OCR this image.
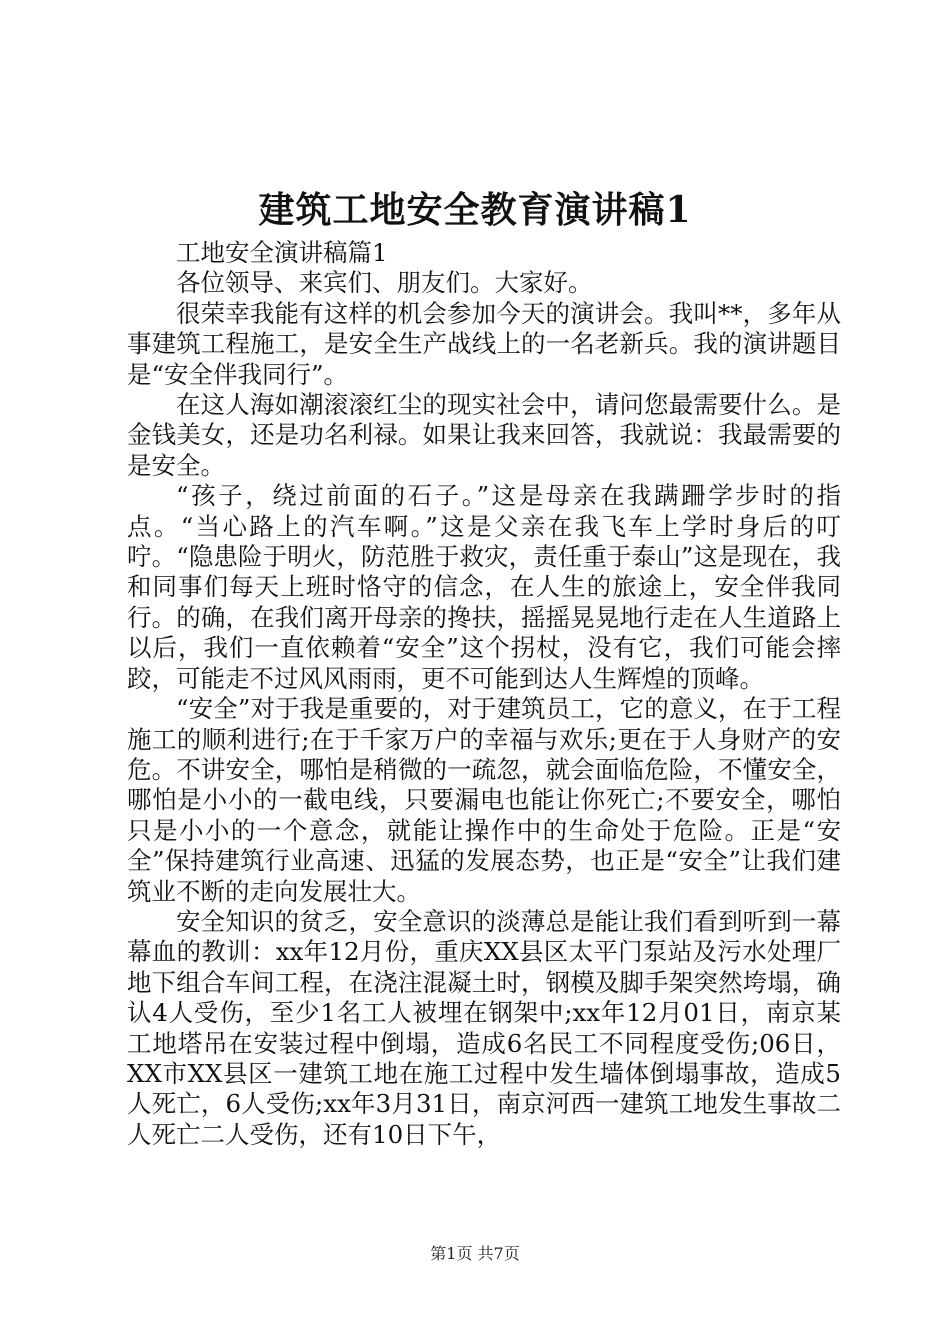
建筑工地安全教育演讲稿1

工地安全演讲稿篇1

各位领导、来宾们、朋友们。大家好。

很荣幸我能有这样的机会参加今天的演讲会。我叫**，多年从事建筑工程施工，是安全生产战线上的一名老新兵。我的演讲题目是“安全伴我同行”。

在这人海如潮滚滚红尘的现实社会中，请问您最需要什么。是金钱美女，还是功名利禄。如果让我来回答，我就说：我最需要的是安全。

“孩子，绕过前面的石子。”这是母亲在我蹒跚学步时的指点。“当心路上的汽车啊。”这是父亲在我飞车上学时身后的叮咛。“隐患险于明火，防范胜于救灾，责任重于泰山”这是现在，我和同事们每天上班时恪守的信念，在人生的旅途上，安全伴我同行。的确，在我们离开母亲的搀扶，摇摇晃晃地行走在人生道路上以后，我们一直依赖着“安全”这个拐杖，没有它，我们可能会摔跤，可能走不过风风雨雨，更不可能到达人生辉煌的顶峰。

“安全”对于我是重要的，对于建筑员工，它的意义，在于工程施工的顺利进行;在于千家万户的幸福与欢乐;更在于人身财产的安危。不讲安全，哪怕是稍微的一疏忽，就会面临危险，不懂安全，哪怕是小小的一截电线，只要漏电也能让你死亡;不要安全，哪怕只是小小的一个意念，就能让操作中的生命处于危险。正是“安全”保持建筑行业高速、迅猛的发展态势，也正是“安全”让我们建筑业不断的走向发展壮大。

安全知识的贫乏，安全意识的淡薄总是能让我们看到听到一幕幕血的教训：xx年12月份，重庆XX县区太平门泵站及污水处理厂地下组合车间工程，在浇注混凝土时，钢模及脚手架突然垮塌，确认4人受伤，至少1名工人被埋在钢架中;xx年12月01日，南京某工地塔吊在安装过程中倒塌，造成6名民工不同程度受伤;06日，XX市XX县区一建筑工地在施工过程中发生墙体倒塌事故，造成5人死亡，6人受伤;xx年3月31日，南京河西一建筑工地发生事故二人死亡二人受伤，还有10日下午，

第1页 共7页
